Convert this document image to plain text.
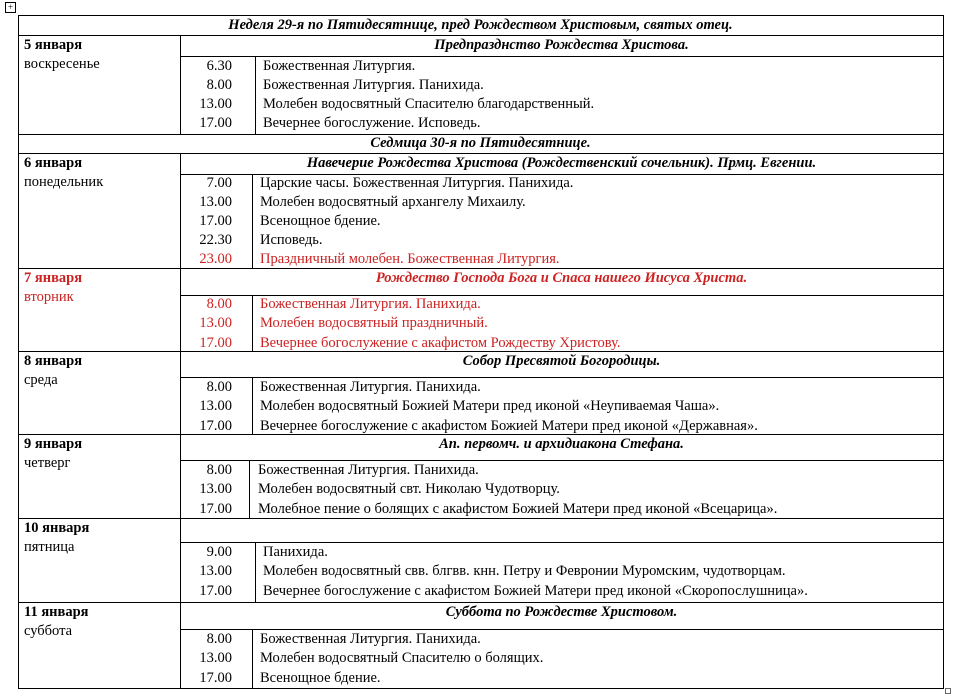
+
Неделя 29-я по Пятидесятнице, пред Рождеством Христовым, святых отец.
Седмица 30-я по Пятидесятнице.
5 января
воскресенье
Предпразднство Рождества Христова.
6.30 Божественная Литургия.
8.00 Божественная Литургия. Панихида.
13.00 Молебен водосвятный Спасителю благодарственный.
17.00 Вечернее богослужение. Исповедь.
6 января
понедельник
Навечерие Рождества Христова (Рождественский сочельник). Прмц. Евгении.
7.00 Царские часы. Божественная Литургия. Панихида.
13.00 Молебен водосвятный архангелу Михаилу.
17.00 Всенощное бдение.
22.30 Исповедь.
23.00 Праздничный молебен. Божественная Литургия.
7 января
вторник
Рождество Господа Бога и Спаса нашего Иисуса Христа.
8.00 Божественная Литургия. Панихида.
13.00 Молебен водосвятный праздничный.
17.00 Вечернее богослужение с акафистом Рождеству Христову.
8 января
среда
Собор Пресвятой Богородицы.
8.00 Божественная Литургия. Панихида.
13.00 Молебен водосвятный Божией Матери пред иконой «Неупиваемая Чаша».
17.00 Вечернее богослужение с акафистом Божией Матери пред иконой «Державная».
9 января
четверг
Ап. первомч. и архидиакона Стефана.
8.00 Божественная Литургия. Панихида.
13.00 Молебен водосвятный свт. Николаю Чудотворцу.
17.00 Молебное пение о болящих с акафистом Божией Матери пред иконой «Всецарица».
10 января
пятница	9.00 Панихида.
13.00 Молебен водосвятный свв. блгвв. кнн. Петру и Февронии Муромским, чудотворцам.
17.00 Вечернее богослужение с акафистом Божией Матери пред иконой «Скоропослушница».
11 января
суббота
Суббота по Рождестве Христовом.
8.00 Божественная Литургия. Панихида.
13.00 Молебен водосвятный Спасителю о болящих.
17.00 Всенощное бдение.
